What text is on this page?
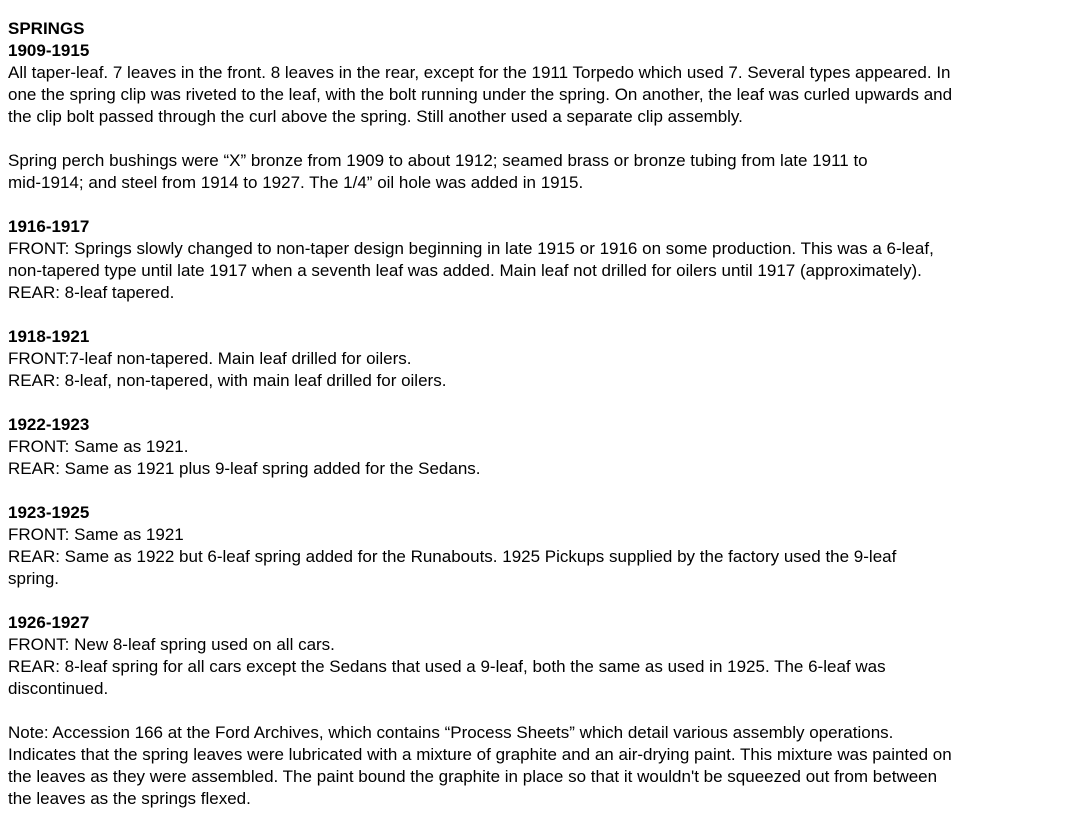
SPRINGS
1909-1915
All taper-leaf. 7 leaves in the front. 8 leaves in the rear, except for the 1911 Torpedo which used 7. Several types appeared. In
one the spring clip was riveted to the leaf, with the bolt running under the spring. On another, the leaf was curled upwards and
the clip bolt passed through the curl above the spring. Still another used a separate clip assembly.
Spring perch bushings were “X” bronze from 1909 to about 1912; seamed brass or bronze tubing from late 1911 to
mid-1914; and steel from 1914 to 1927. The 1/4” oil hole was added in 1915.
1916-1917
FRONT: Springs slowly changed to non-taper design beginning in late 1915 or 1916 on some production. This was a 6-leaf,
non-tapered type until late 1917 when a seventh leaf was added. Main leaf not drilled for oilers until 1917 (approximately).
REAR: 8-leaf tapered.
1918-1921
FRONT:7-leaf non-tapered. Main leaf drilled for oilers.
REAR: 8-leaf, non-tapered, with main leaf drilled for oilers.
1922-1923
FRONT: Same as 1921.
REAR: Same as 1921 plus 9-leaf spring added for the Sedans.
1923-1925
FRONT: Same as 1921
REAR: Same as 1922 but 6-leaf spring added for the Runabouts. 1925 Pickups supplied by the factory used the 9-leaf
spring.
1926-1927
FRONT: New 8-leaf spring used on all cars.
REAR: 8-leaf spring for all cars except the Sedans that used a 9-leaf, both the same as used in 1925. The 6-leaf was
discontinued.
Note: Accession 166 at the Ford Archives, which contains “Process Sheets” which detail various assembly operations.
Indicates that the spring leaves were lubricated with a mixture of graphite and an air-drying paint. This mixture was painted on
the leaves as they were assembled. The paint bound the graphite in place so that it wouldn't be squeezed out from between
the leaves as the springs flexed.
